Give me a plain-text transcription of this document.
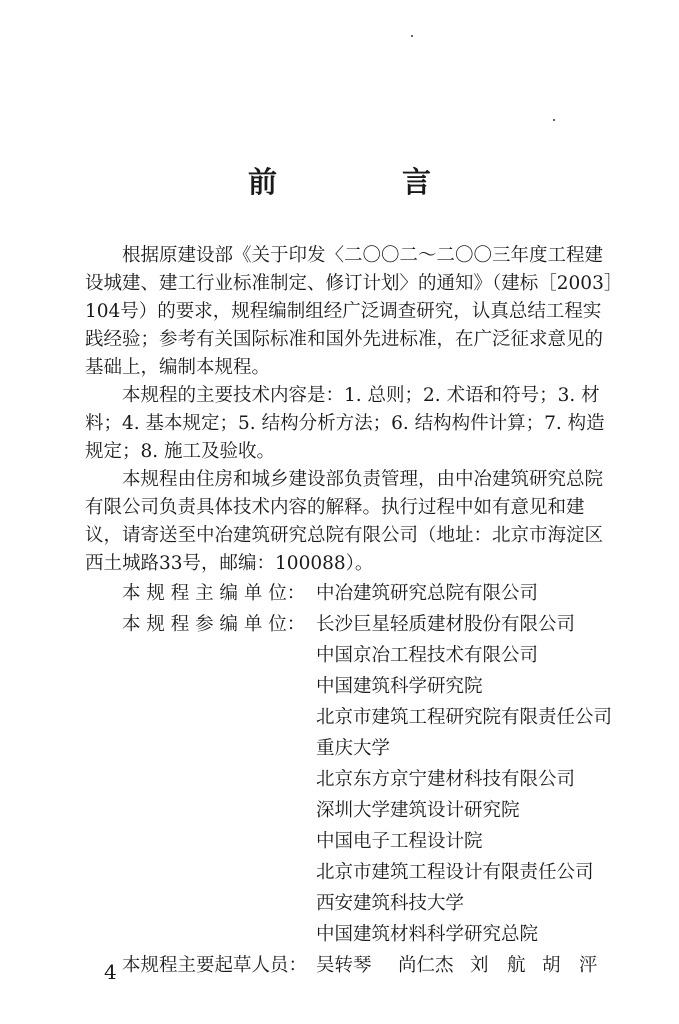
前　言
根据原建设部《关于印发〈二〇〇二～二〇〇三年度工程建
设城建、建工行业标准制定、修订计划〉的通知》（建标［2003］
104号）的要求，规程编制组经广泛调查研究，认真总结工程实
践经验；参考有关国际标准和国外先进标准，在广泛征求意见的
基础上，编制本规程。
本规程的主要技术内容是：1. 总则；2. 术语和符号；3. 材
料；4. 基本规定；5. 结构分析方法；6. 结构构件计算；7. 构造
规定；8. 施工及验收。
本规程由住房和城乡建设部负责管理，由中冶建筑研究总院
有限公司负责具体技术内容的解释。执行过程中如有意见和建
议，请寄送至中冶建筑研究总院有限公司（地址：北京市海淀区
西土城路33号，邮编：100088）。
本 规 程 主 编 单 位： 中冶建筑研究总院有限公司
本 规 程 参 编 单 位： 长沙巨星轻质建材股份有限公司
中国京冶工程技术有限公司
中国建筑科学研究院
北京市建筑工程研究院有限责任公司
重庆大学
北京东方京宁建材科技有限公司
深圳大学建筑设计研究院
中国电子工程设计院
北京市建筑工程设计有限责任公司
西安建筑科技大学
中国建筑材料科学研究总院
本规程主要起草人员： 吴转琴 尚仁杰 刘　航 胡　泙
4
